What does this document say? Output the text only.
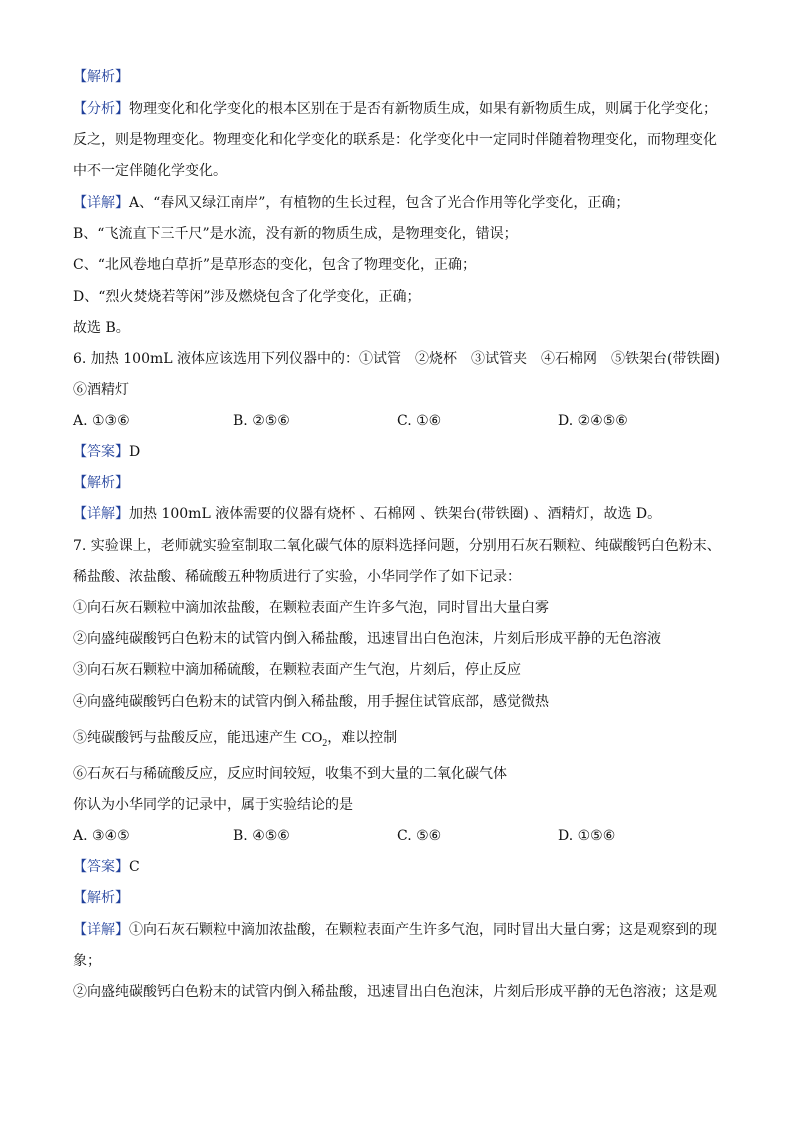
【解析】
【分析】物理变化和化学变化的根本区别在于是否有新物质生成，如果有新物质生成，则属于化学变化；
反之，则是物理变化。物理变化和化学变化的联系是：化学变化中一定同时伴随着物理变化，而物理变化
中不一定伴随化学变化。
【详解】A、“春风又绿江南岸”，有植物的生长过程，包含了光合作用等化学变化，正确；
B、“飞流直下三千尺”是水流，没有新的物质生成，是物理变化，错误；
C、“北风卷地白草折”是草形态的变化，包含了物理变化，正确；
D、“烈火焚烧若等闲”涉及燃烧包含了化学变化，正确；
故选 B。
6. 加热 100mL 液体应该选用下列仪器中的：①试管　②烧杯　③试管夹　④石棉网　⑤铁架台(带铁圈)
⑥酒精灯
A. ①③⑥	B. ②⑤⑥	C. ①⑥	D. ②④⑤⑥
【答案】D
【解析】
【详解】加热 100mL 液体需要的仪器有烧杯 、石棉网 、铁架台(带铁圈) 、酒精灯，故选 D。
7. 实验课上，老师就实验室制取二氧化碳气体的原料选择问题，分别用石灰石颗粒、纯碳酸钙白色粉末、
稀盐酸、浓盐酸、稀硫酸五种物质进行了实验，小华同学作了如下记录：
①向石灰石颗粒中滴加浓盐酸，在颗粒表面产生许多气泡，同时冒出大量白雾
②向盛纯碳酸钙白色粉末的试管内倒入稀盐酸，迅速冒出白色泡沫，片刻后形成平静的无色溶液
③向石灰石颗粒中滴加稀硫酸，在颗粒表面产生气泡，片刻后，停止反应
④向盛纯碳酸钙白色粉末的试管内倒入稀盐酸，用手握住试管底部，感觉微热
⑤纯碳酸钙与盐酸反应，能迅速产生 $CO_2$，难以控制
⑥石灰石与稀硫酸反应，反应时间较短，收集不到大量的二氧化碳气体
你认为小华同学的记录中，属于实验结论的是
A. ③④⑤	B. ④⑤⑥	C. ⑤⑥	D. ①⑤⑥
【答案】C
【解析】
【详解】①向石灰石颗粒中滴加浓盐酸，在颗粒表面产生许多气泡，同时冒出大量白雾；这是观察到的现
象；
②向盛纯碳酸钙白色粉末的试管内倒入稀盐酸，迅速冒出白色泡沫，片刻后形成平静的无色溶液；这是观
